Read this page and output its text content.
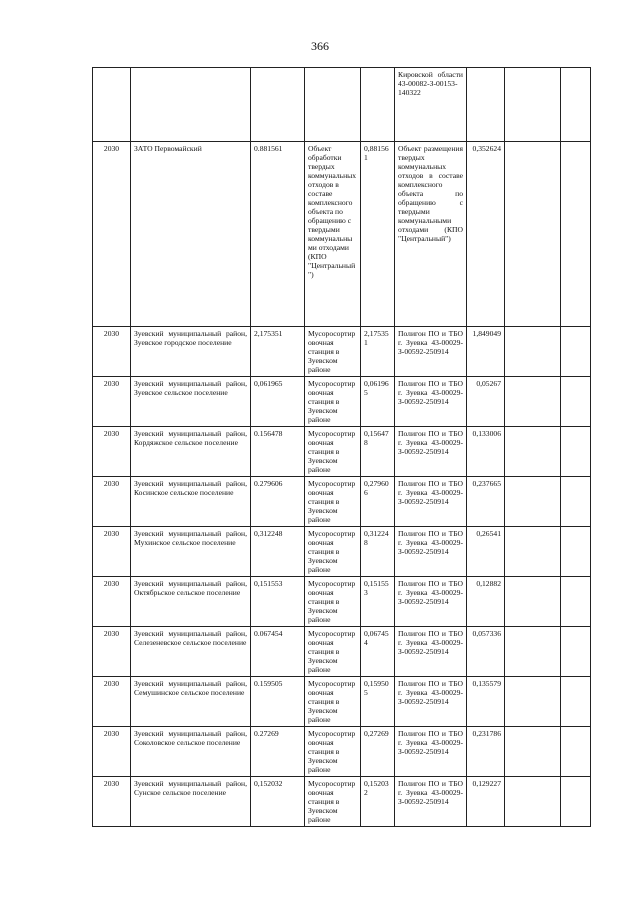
366
					Кировской области 43-00082-З-00153-140322			
2030	ЗАТО Первомайский	0.881561	Объект обработки твердых коммунальных отходов в составе комплексного объекта по обращению с твердыми коммунальными отходами (КПО "Центральный")	0,881561	Объект размещения твердых коммунальных отходов в составе комплексного объекта по обращению с твердыми коммунальными отходами (КПО "Центральный")	0,352624		
2030	Зуевский муниципальный район, Зуевское городское поселение	2,175351	Мусоросортировочная станция в Зуевском районе	2,175351	Полигон ПО и ТБО г. Зуевка 43-00029-З-00592-250914	1,849049		
2030	Зуевский муниципальный район, Зуевское сельское поселение	0,061965	Мусоросортировочная станция в Зуевском районе	0,061965	Полигон ПО и ТБО г. Зуевка 43-00029-З-00592-250914	0,05267		
2030	Зуевский муниципальный район, Кордяжское сельское поселение	0.156478	Мусоросортировочная станция в Зуевском районе	0,156478	Полигон ПО и ТБО г. Зуевка 43-00029-З-00592-250914	0,133006		
2030	Зуевский муниципальный район, Косинское сельское поселение	0.279606	Мусоросортировочная станция в Зуевском районе	0,279606	Полигон ПО и ТБО г. Зуевка 43-00029-З-00592-250914	0,237665		
2030	Зуевский муниципальный район, Мухинское сельское поселение	0,312248	Мусоросортировочная станция в Зуевском районе	0,312248	Полигон ПО и ТБО г. Зуевка 43-00029-З-00592-250914	0,26541		
2030	Зуевский муниципальный район, Октябрьское сельское поселение	0,151553	Мусоросортировочная станция в Зуевском районе	0,151553	Полигон ПО и ТБО г. Зуевка 43-00029-З-00592-250914	0,12882		
2030	Зуевский муниципальный район, Селезеневское сельское поселение	0.067454	Мусоросортировочная станция в Зуевском районе	0,067454	Полигон ПО и ТБО г. Зуевка 43-00029-З-00592-250914	0,057336		
2030	Зуевский муниципальный район, Семушинское сельское поселение	0.159505	Мусоросортировочная станция в Зуевском районе	0,159505	Полигон ПО и ТБО г. Зуевка 43-00029-З-00592-250914	0,135579		
2030	Зуевский муниципальный район, Соколовское сельское поселение	0.27269	Мусоросортировочная станция в Зуевском районе	0,27269	Полигон ПО и ТБО г. Зуевка 43-00029-З-00592-250914	0,231786		
2030	Зуевский муниципальный район, Сунское сельское поселение	0,152032	Мусоросортировочная станция в Зуевском районе	0,152032	Полигон ПО и ТБО г. Зуевка 43-00029-З-00592-250914	0,129227		
